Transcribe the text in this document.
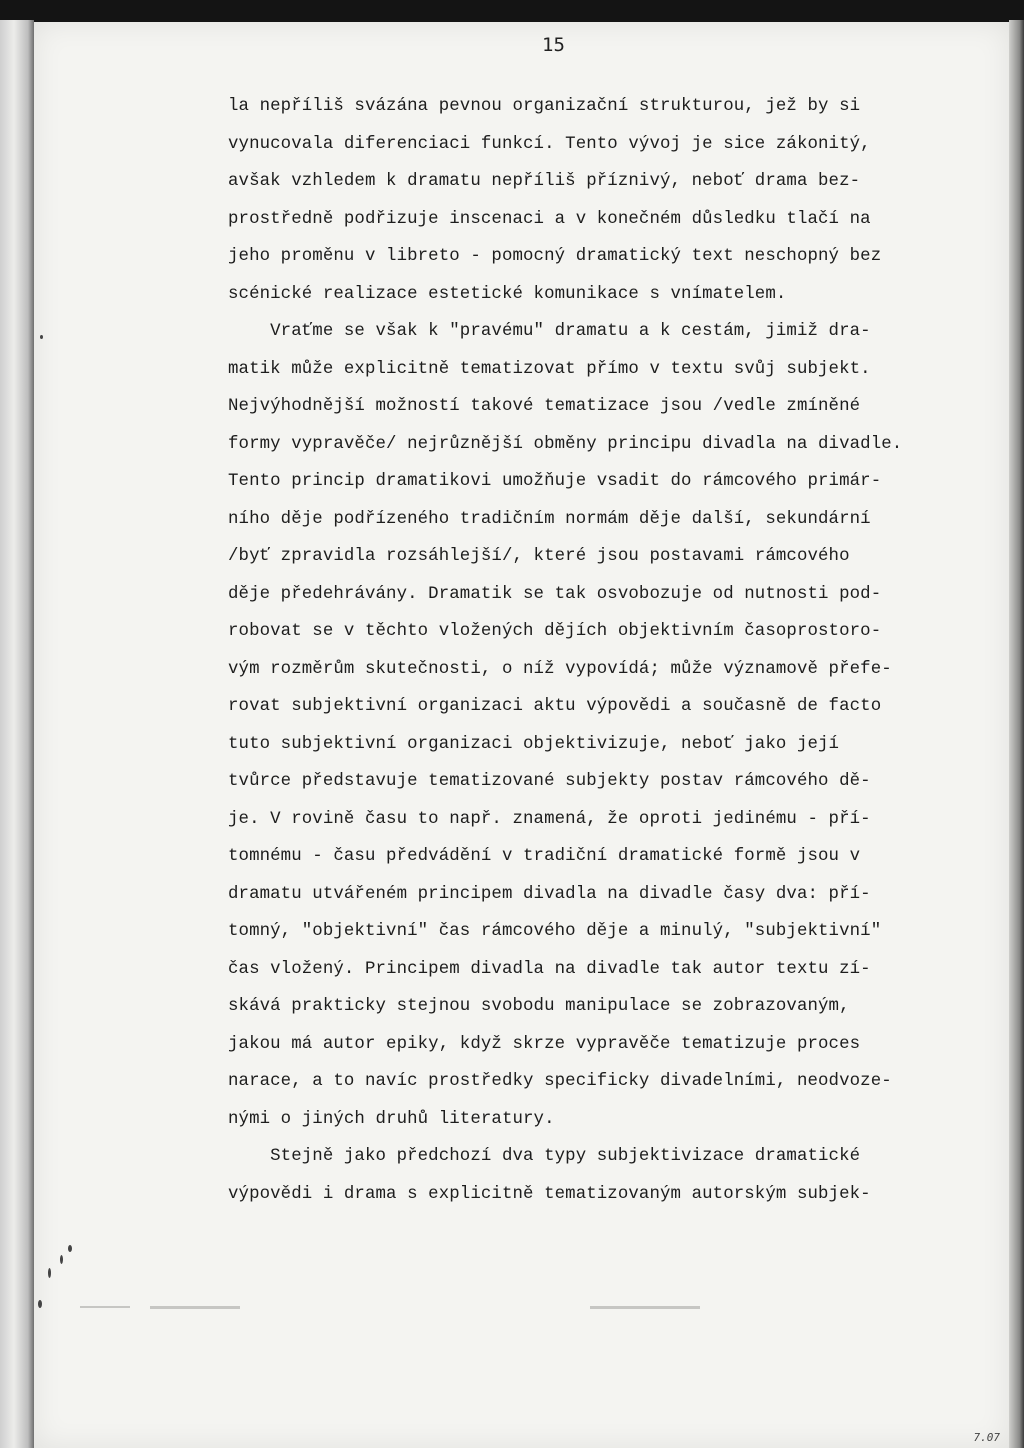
15

la nepříliš svázána pevnou organizační strukturou, jež by si
vynucovala diferenciaci funkcí. Tento vývoj je sice zákonitý,
avšak vzhledem k dramatu nepříliš příznivý, neboť drama bez-
prostředně podřizuje inscenaci a v konečném důsledku tlačí na
jeho proměnu v libreto - pomocný dramatický text neschopný bez
scénické realizace estetické komunikace s vnímatelem.
Vraťme se však k "pravému" dramatu a k cestám, jimiž dra-
matik může explicitně tematizovat přímo v textu svůj subjekt.
Nejvýhodnější možností takové tematizace jsou /vedle zmíněné
formy vypravěče/ nejrůznější obměny principu divadla na divadle.
Tento princip dramatikovi umožňuje vsadit do rámcového primár-
ního děje podřízeného tradičním normám děje další, sekundární
/byť zpravidla rozsáhlejší/, které jsou postavami rámcového
děje předehrávány. Dramatik se tak osvobozuje od nutnosti pod-
robovat se v těchto vložených dějích objektivním časoprostoro-
vým rozměrům skutečnosti, o níž vypovídá; může významově přefe-
rovat subjektivní organizaci aktu výpovědi a současně de facto
tuto subjektivní organizaci objektivizuje, neboť jako její
tvůrce představuje tematizované subjekty postav rámcového dě-
je. V rovině času to např. znamená, že oproti jedinému - pří-
tomnému - času předvádění v tradiční dramatické formě jsou v
dramatu utvářeném principem divadla na divadle časy dva: pří-
tomný, "objektivní" čas rámcového děje a minulý, "subjektivní"
čas vložený. Principem divadla na divadle tak autor textu zí-
skává prakticky stejnou svobodu manipulace se zobrazovaným,
jakou má autor epiky, když skrze vypravěče tematizuje proces
narace, a to navíc prostředky specificky divadelními, neodvoze-
nými o jiných druhů literatury.
Stejně jako předchozí dva typy subjektivizace dramatické
výpovědi i drama s explicitně tematizovaným autorským subjek-
7.07
